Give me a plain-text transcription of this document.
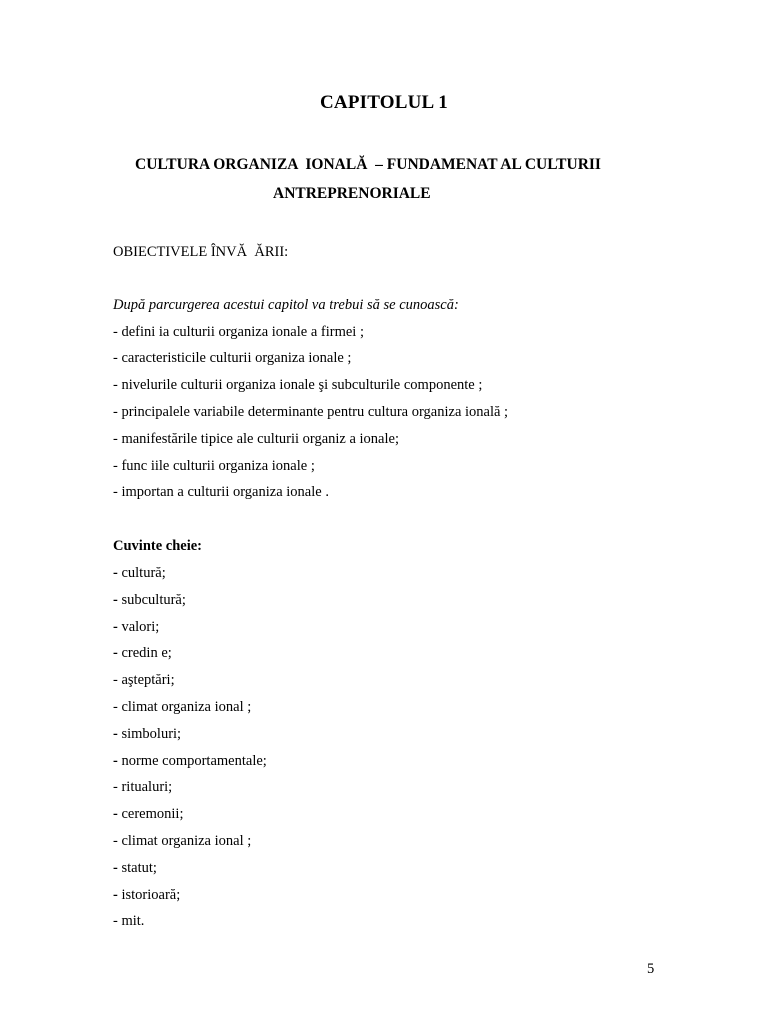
CAPITOLUL 1
CULTURA ORGANIZA  IONALĂ  – FUNDAMENAT AL CULTURII
ANTREPRENORIALE
OBIECTIVELE ÎNVĂ  ĂRII:
După parcurgerea acestui capitol va trebui să se cunoască:
- defini ia culturii organiza ionale a firmei ;
- caracteristicile culturii organiza ionale ;
- nivelurile culturii organiza ionale şi subculturile componente ;
- principalele variabile determinante pentru cultura organiza ională ;
- manifestările tipice ale culturii organiz a ionale;
- func iile culturii organiza ionale ;
- importan a culturii organiza ionale .
Cuvinte cheie:
- cultură;
- subcultură;
- valori;
- credin e;
- aşteptări;
- climat organiza ional ;
- simboluri;
- norme comportamentale;
- ritualuri;
- ceremonii;
- climat organiza ional ;
- statut;
- istorioară;
- mit.
5
